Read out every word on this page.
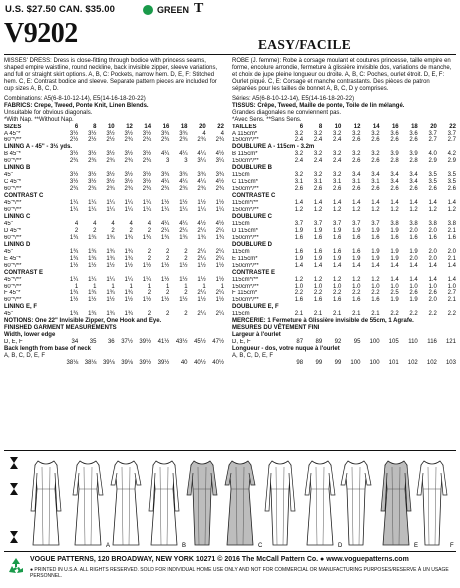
U.S. $27.50 CAN. $35.00	GREEN T
V9202	EASY/FACILE
MISSES' DRESS: Dress is close-fitting through bodice with princess seams, shaped empire waistline, round neckline, back invisible zipper, sleeve variations, and full or straight skirt options. A, B, C: Pockets, narrow hem. D, E, F: Stitched hem. C, E: Contrast bodice and sleeve. Separate pattern pieces are included for cup sizes A, B, C, D.
Combinations: A5(6-8-10-12-14), E5(14-16-18-20-22)
FABRICS: Crepe, Tweed, Ponte Knit, Linen Blends.
Unsuitable for obvious diagonals.
*With Nap. **Without Nap.
SIZES	6	8	10	12	14	16	18	20	22
A 45"*	3½	3½	3½	3½	3½	3¾	3¾	4	4
60"*/**	2½	2½	2½	2¾	2¾	2¾	2¾	2¾	2¾
LINING A - 45" - 3½ yds.
B 45"*	3½	3½	3½	3½	3½	4¼	4¼	4¼	4½
60"*/**	2¾	2¾	2¾	2¾	2¾	3	3	3¼	3¼
LINING B
45"	3½	3½	3½	3½	3½	3¾	3¾	3¾	3¾
C 45"*	3½	3½	3½	3½	3½	4¼	4¼	4¼	4½
60"*/**	2¾	2¾	2¾	2¾	2¾	2¾	2¾	2¾	2¾
CONTRAST C
45"*/**	1¼	1¼	1¼	1¼	1¼	1½	1½	1½	1½
60"*/**	1¼	1¼	1¼	1¼	1¼	1¼	1¼	1¼	1¼
LINING C
45"	4	4	4	4	4	4¼	4¼	4½	4½
D 45"*	2	2	2	2	2	2¼	2¼	2¼	2¼
60"*/**	1¾	1¾	1¾	1¾	1¾	1¾	1¾	1¾	1¾
LINING D
45"	1¾	1¾	1¾	1¾	2	2	2	2¼	2¼
E 45"*	1¾	1¾	1¾	1¾	2	2	2	2¼	2¼
60"*/**	1½	1½	1½	1½	1½	1½	1½	1½	1½
CONTRAST E
45"*/**	1¼	1¼	1¼	1¼	1¼	1½	1½	1½	1½
60"*/**	1	1	1	1	1	1	1	1	1
F 45"*	1¾	1¾	1¾	1¾	2	2	2	2¼	2¼
60"*/**	1½	1½	1½	1½	1½	1½	1½	1½	1½
LINING E, F
45"	1¾	1¾	1¾	1¾	2	2	2	2¼	2¼
NOTIONS: One 22" Invisible Zipper, One Hook and Eye.
FINISHED GARMENT MEASUREMENTS
Width, lower edge
D, E, F	34	35	36	37½	39½	41½	43½	45½	47½
Back length from base of neck
A, B, C, D, E, F
38⅛	38⅛	39⅛	39⅛	39½	39½	40	40½	40½
ROBE (J. femme): Robe à corsage moulant et coutures princesse, taille empire en forme, encolure arrondie, fermeture à glissière invisible dos, variations de manche, et choix de jupe pleine longueur ou droite. A, B, C: Poches, ourlet étroit. D, E, F: Ourlet piqué. C, E: Corsage et manche contrastants. Des pièces de patron séparées pour les tailles de bonnet A, B, C, D y comprises.
Séries: A5(6-8-10-12-14), E5(14-16-18-20-22)
TISSUS: Crêpe, Tweed, Maille de ponte, Toile de lin mélangé.
Grandes diagonales ne conviennent pas.
*Avec Sens. **Sans Sens.
TAILLES	6	8	10	12	14	16	18	20	22
A 115cm*	3.2	3.2	3.2	3.2	3.2	3.6	3.6	3.7	3.7
150cm*/**	2.4	2.4	2.4	2.6	2.6	2.6	2.6	2.7	2.7
DOUBLURE A - 115cm - 3.2m
B 115cm*	3.2	3.2	3.2	3.2	3.2	3.9	3.9	4.0	4.2
150cm*/**	2.4	2.4	2.4	2.6	2.6	2.8	2.8	2.9	2.9
DOUBLURE B
115cm	3.2	3.2	3.2	3.4	3.4	3.4	3.4	3.5	3.5
C 115cm*	3.1	3.1	3.1	3.1	3.1	3.4	3.4	3.5	3.5
150cm*/**	2.6	2.6	2.6	2.6	2.6	2.6	2.6	2.6	2.6
CONTRASTE C
115cm*/**	1.4	1.4	1.4	1.4	1.4	1.4	1.4	1.4	1.4
150cm*/**	1.2	1.2	1.2	1.2	1.2	1.2	1.2	1.2	1.2
DOUBLURE C
115cm	3.7	3.7	3.7	3.7	3.7	3.8	3.8	3.8	3.8
D 115cm*	1.9	1.9	1.9	1.9	1.9	1.9	2.0	2.0	2.1
150cm*/**	1.6	1.6	1.6	1.6	1.6	1.6	1.6	1.6	1.6
DOUBLURE D
115cm	1.6	1.6	1.6	1.6	1.9	1.9	1.9	2.0	2.0
E 115cm*	1.9	1.9	1.9	1.9	1.9	1.9	2.0	2.0	2.1
150cm*/**	1.4	1.4	1.4	1.4	1.4	1.4	1.4	1.4	1.4
CONTRASTE E
115cm*/**	1.2	1.2	1.2	1.2	1.2	1.4	1.4	1.4	1.4
150cm*/**	1.0	1.0	1.0	1.0	1.0	1.0	1.0	1.0	1.0
F 115cm*	2.2	2.2	2.2	2.2	2.2	2.5	2.6	2.6	2.7
150cm*/**	1.6	1.6	1.6	1.6	1.6	1.9	1.9	2.0	2.1
DOUBLURE E, F
115cm	2.1	2.1	2.1	2.1	2.1	2.2	2.2	2.2	2.2
MERCERIE: 1 Fermeture à Glissière invisible de 55cm, 1 Agrafe.
MESURES DU VÊTEMENT FINI
Largeur à l'ourlet
D, E, F	87	89	92	95	100	105	110	116	121
Longueur - dos, votre nuque à l'ourlet
A, B, C, D, E, F
98	99	99	100	100	101	102	102	103
A	B	C	D	E	F
VOGUE PATTERNS, 120 BROADWAY, NEW YORK 10271 © 2016 The McCall Pattern Co. ● www.voguepatterns.com
● PRINTED IN U.S.A. ALL RIGHTS RESERVED. SOLD FOR INDIVIDUAL HOME USE ONLY AND NOT FOR COMMERCIAL OR MANUFACTURING PURPOSES/RESERVE À UN USAGE PERSONNEL.
